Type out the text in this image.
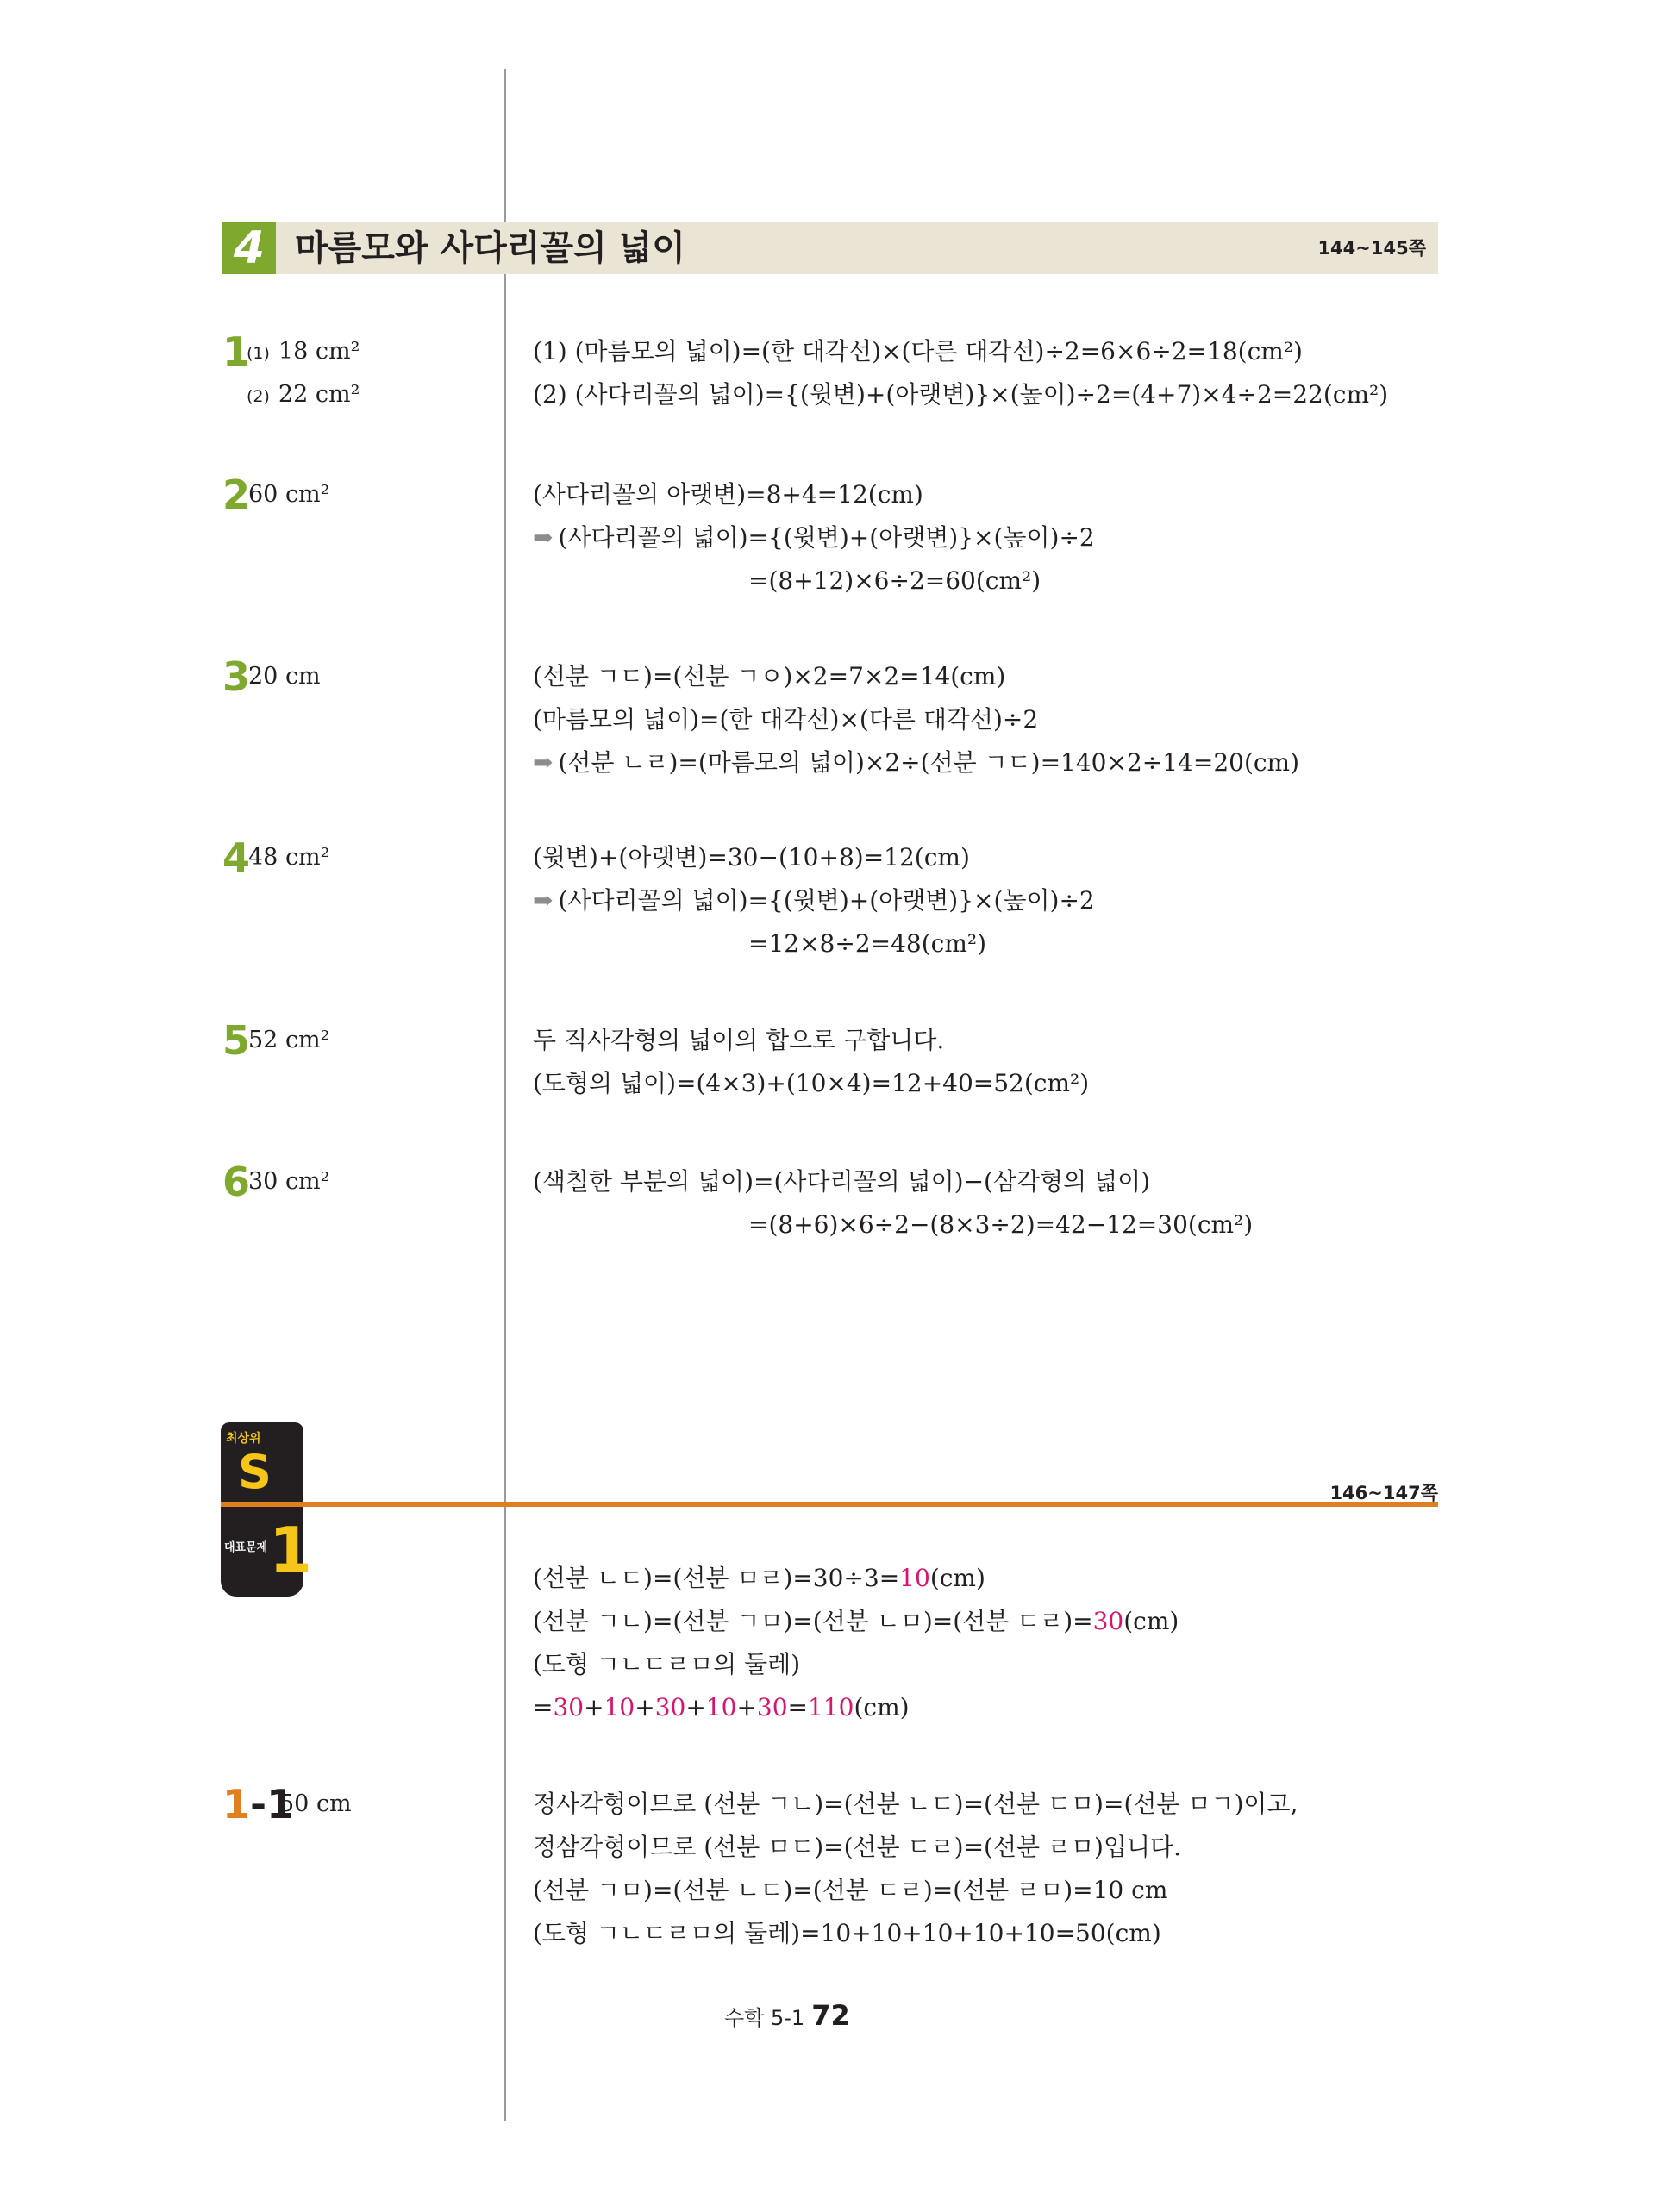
4 마름모와 사다리꼴의 넓이	144~145쪽
1
(1) 18 cm²
(2) 22 cm²
(1) (마름모의 넓이)=(한 대각선)×(다른 대각선)÷2=6×6÷2=18(cm²)
(2) (사다리꼴의 넓이)={(윗변)+(아랫변)}×(높이)÷2=(4+7)×4÷2=22(cm²)
2
60 cm²	(사다리꼴의 아랫변)=8+4=12(cm)
➡ (사다리꼴의 넓이)={(윗변)+(아랫변)}×(높이)÷2
=(8+12)×6÷2=60(cm²)
3
20 cm	(선분 ㄱㄷ)=(선분 ㄱㅇ)×2=7×2=14(cm)
(마름모의 넓이)=(한 대각선)×(다른 대각선)÷2
➡ (선분 ㄴㄹ)=(마름모의 넓이)×2÷(선분 ㄱㄷ)=140×2÷14=20(cm)
4
48 cm²	(윗변)+(아랫변)=30−(10+8)=12(cm)
➡ (사다리꼴의 넓이)={(윗변)+(아랫변)}×(높이)÷2
=12×8÷2=48(cm²)
5
52 cm²	두 직사각형의 넓이의 합으로 구합니다.
(도형의 넓이)=(4×3)+(10×4)=12+40=52(cm²)
6
30 cm²	(색칠한 부분의 넓이)=(사다리꼴의 넓이)−(삼각형의 넓이)
=(8+6)×6÷2−(8×3÷2)=42−12=30(cm²)
최상위
S	146~147쪽
대표문제 1	(선분 ㄴㄷ)=(선분 ㅁㄹ)=30÷3=10(cm)
(선분 ㄱㄴ)=(선분 ㄱㅁ)=(선분 ㄴㅁ)=(선분 ㄷㄹ)=30(cm)
(도형 ㄱㄴㄷㄹㅁ의 둘레)
=30+10+30+10+30=110(cm)
1-1
50 cm	정사각형이므로 (선분 ㄱㄴ)=(선분 ㄴㄷ)=(선분 ㄷㅁ)=(선분 ㅁㄱ)이고,
정삼각형이므로 (선분 ㅁㄷ)=(선분 ㄷㄹ)=(선분 ㄹㅁ)입니다.
(선분 ㄱㅁ)=(선분 ㄴㄷ)=(선분 ㄷㄹ)=(선분 ㄹㅁ)=10 cm
(도형 ㄱㄴㄷㄹㅁ의 둘레)=10+10+10+10+10=50(cm)
수학 5-1 72
